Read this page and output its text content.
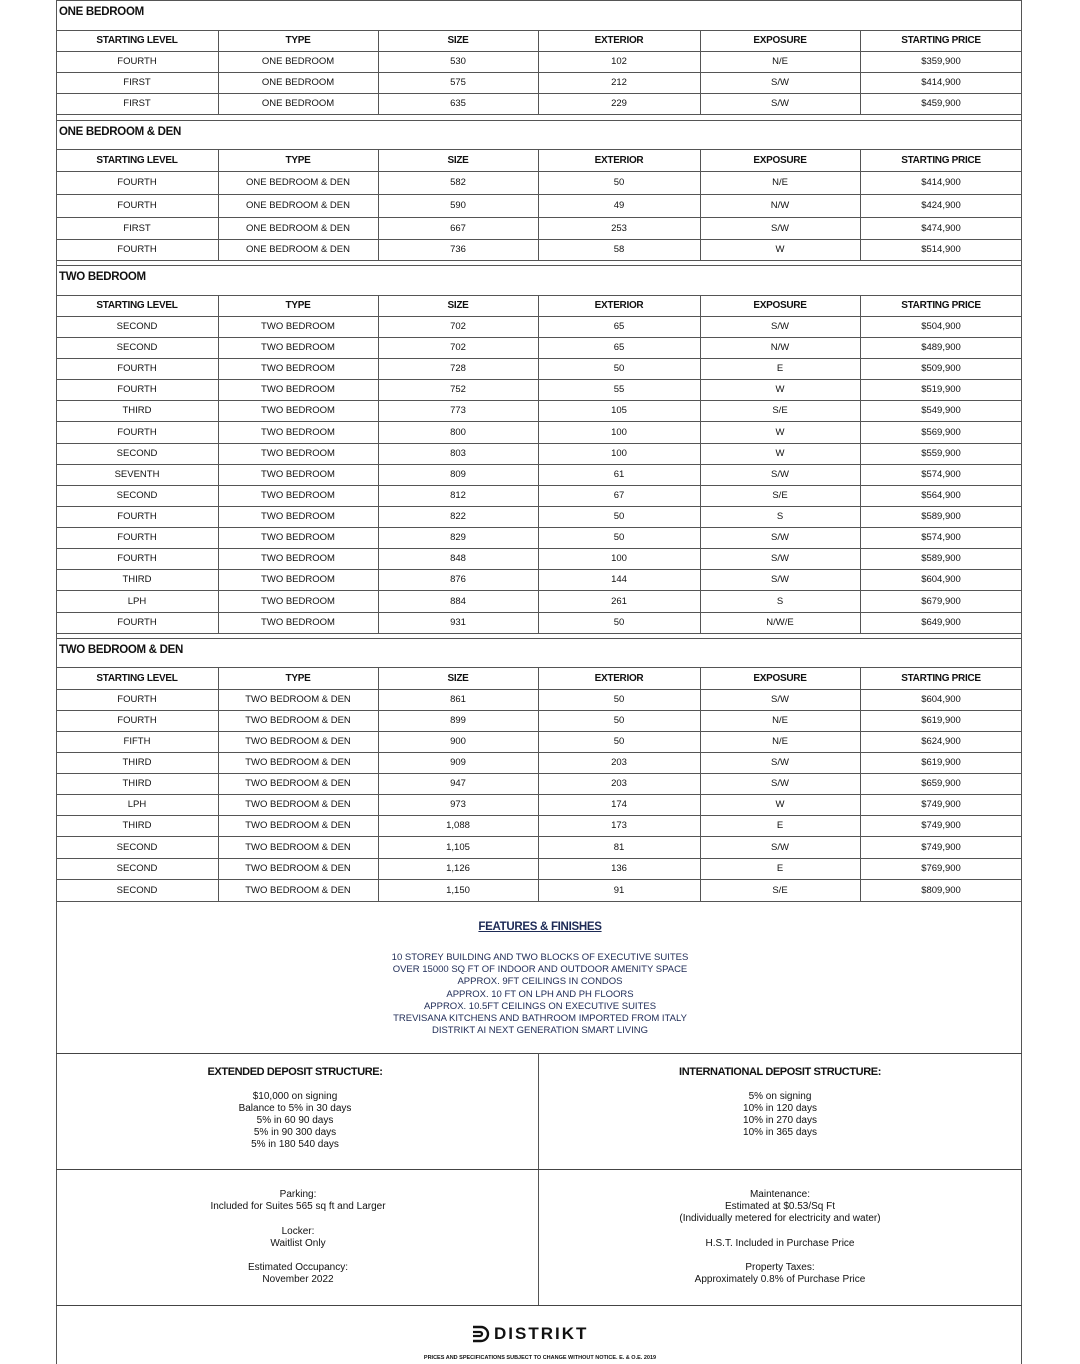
ONE BEDROOM
STARTING LEVEL	TYPE	SIZE	EXTERIOR	EXPOSURE	STARTING PRICE
FOURTH	ONE BEDROOM	530	102	N/E	$359,900
FIRST	ONE BEDROOM	575	212	S/W	$414,900
FIRST	ONE BEDROOM	635	229	S/W	$459,900
ONE BEDROOM & DEN
STARTING LEVEL	TYPE	SIZE	EXTERIOR	EXPOSURE	STARTING PRICE
FOURTH	ONE BEDROOM & DEN	582	50	N/E	$414,900
FOURTH	ONE BEDROOM & DEN	590	49	N/W	$424,900
FIRST	ONE BEDROOM & DEN	667	253	S/W	$474,900
FOURTH	ONE BEDROOM & DEN	736	58	W	$514,900
TWO BEDROOM
STARTING LEVEL	TYPE	SIZE	EXTERIOR	EXPOSURE	STARTING PRICE
SECOND	TWO BEDROOM	702	65	S/W	$504,900
SECOND	TWO BEDROOM	702	65	N/W	$489,900
FOURTH	TWO BEDROOM	728	50	E	$509,900
FOURTH	TWO BEDROOM	752	55	W	$519,900
THIRD	TWO BEDROOM	773	105	S/E	$549,900
FOURTH	TWO BEDROOM	800	100	W	$569,900
SECOND	TWO BEDROOM	803	100	W	$559,900
SEVENTH	TWO BEDROOM	809	61	S/W	$574,900
SECOND	TWO BEDROOM	812	67	S/E	$564,900
FOURTH	TWO BEDROOM	822	50	S	$589,900
FOURTH	TWO BEDROOM	829	50	S/W	$574,900
FOURTH	TWO BEDROOM	848	100	S/W	$589,900
THIRD	TWO BEDROOM	876	144	S/W	$604,900
LPH	TWO BEDROOM	884	261	S	$679,900
FOURTH	TWO BEDROOM	931	50	N/W/E	$649,900
TWO BEDROOM & DEN
STARTING LEVEL	TYPE	SIZE	EXTERIOR	EXPOSURE	STARTING PRICE
FOURTH	TWO BEDROOM & DEN	861	50	S/W	$604,900
FOURTH	TWO BEDROOM & DEN	899	50	N/E	$619,900
FIFTH	TWO BEDROOM & DEN	900	50	N/E	$624,900
THIRD	TWO BEDROOM & DEN	909	203	S/W	$619,900
THIRD	TWO BEDROOM & DEN	947	203	S/W	$659,900
LPH	TWO BEDROOM & DEN	973	174	W	$749,900
THIRD	TWO BEDROOM & DEN	1,088	173	E	$749,900
SECOND	TWO BEDROOM & DEN	1,105	81	S/W	$749,900
SECOND	TWO BEDROOM & DEN	1,126	136	E	$769,900
SECOND	TWO BEDROOM & DEN	1,150	91	S/E	$809,900
FEATURES & FINISHES
10 STOREY BUILDING AND TWO BLOCKS OF EXECUTIVE SUITES
OVER 15000 SQ FT OF INDOOR AND OUTDOOR AMENITY SPACE
APPROX. 9FT CEILINGS IN CONDOS
APPROX. 10 FT ON LPH AND PH FLOORS
APPROX. 10.5FT CEILINGS ON EXECUTIVE SUITES
TREVISANA KITCHENS AND BATHROOM IMPORTED FROM ITALY
DISTRIKT AI NEXT GENERATION SMART LIVING
EXTENDED DEPOSIT STRUCTURE:
$10,000 on signing
Balance to 5% in 30 days
5% in 60 90 days
5% in 90 300 days
5% in 180 540 days
INTERNATIONAL DEPOSIT STRUCTURE:
5% on signing
10% in 120 days
10% in 270 days
10% in 365 days
Parking:
Included for Suites 565 sq ft and Larger
Locker:
Waitlist Only
Estimated Occupancy:
November 2022
Maintenance:
Estimated at $0.53/Sq Ft
(Individually metered for electricity and water)
H.S.T. Included in Purchase Price
Property Taxes:
Approximately 0.8% of Purchase Price
DISTRIKT
PRICES AND SPECIFICATIONS SUBJECT TO CHANGE WITHOUT NOTICE. E. & O.E. 2019
